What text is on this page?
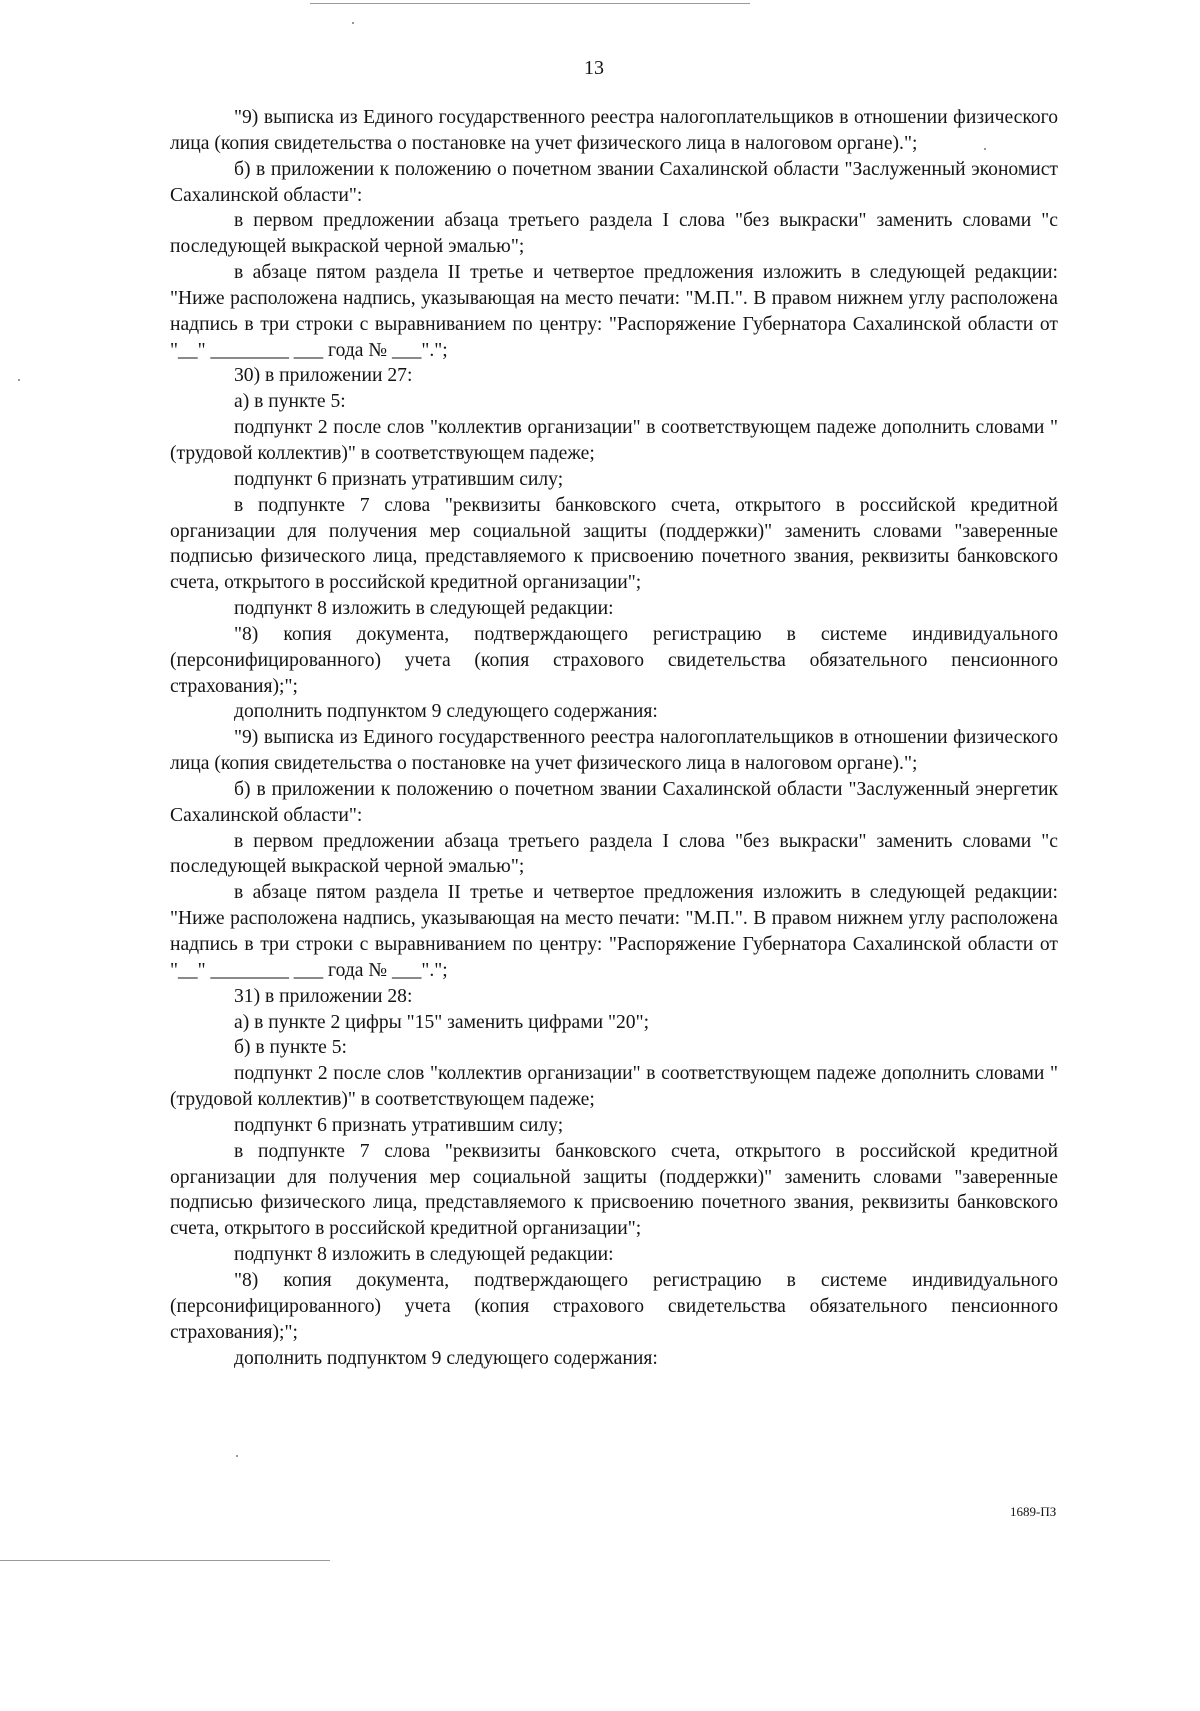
13

"9) выписка из Единого государственного реестра налогоплательщиков в отношении физического лица (копия свидетельства о постановке на учет физического лица в налоговом органе).";

б) в приложении к положению о почетном звании Сахалинской области "Заслуженный экономист Сахалинской области":

в первом предложении абзаца третьего раздела I слова "без выкраски" заменить словами "с последующей выкраской черной эмалью";

в абзаце пятом раздела II третье и четвертое предложения изложить в следующей редакции: "Ниже расположена надпись, указывающая на место печати: "М.П.". В правом нижнем углу расположена надпись в три строки с выравниванием по центру: "Распоряжение Губернатора Сахалинской области от "__" ________ ___ года № ___".";

30) в приложении 27:

а) в пункте 5:

подпункт 2 после слов "коллектив организации" в соответствующем падеже дополнить словами "(трудовой коллектив)" в соответствующем падеже;

подпункт 6 признать утратившим силу;

в подпункте 7 слова "реквизиты банковского счета, открытого в российской кредитной организации для получения мер социальной защиты (поддержки)" заменить словами "заверенные подписью физического лица, представляемого к присвоению почетного звания, реквизиты банковского счета, открытого в российской кредитной организации";

подпункт 8 изложить в следующей редакции:

"8) копия документа, подтверждающего регистрацию в системе индивидуального (персонифицированного) учета (копия страхового свидетельства обязательного пенсионного страхования);";

дополнить подпунктом 9 следующего содержания:

"9) выписка из Единого государственного реестра налогоплательщиков в отношении физического лица (копия свидетельства о постановке на учет физического лица в налоговом органе).";

б) в приложении к положению о почетном звании Сахалинской области "Заслуженный энергетик Сахалинской области":

в первом предложении абзаца третьего раздела I слова "без выкраски" заменить словами "с последующей выкраской черной эмалью";

в абзаце пятом раздела II третье и четвертое предложения изложить в следующей редакции: "Ниже расположена надпись, указывающая на место печати: "М.П.". В правом нижнем углу расположена надпись в три строки с выравниванием по центру: "Распоряжение Губернатора Сахалинской области от "__" ________ ___ года № ___".";

31) в приложении 28:

а) в пункте 2 цифры "15" заменить цифрами "20";

б) в пункте 5:

подпункт 2 после слов "коллектив организации" в соответствующем падеже дополнить словами "(трудовой коллектив)" в соответствующем падеже;

подпункт 6 признать утратившим силу;

в подпункте 7 слова "реквизиты банковского счета, открытого в российской кредитной организации для получения мер социальной защиты (поддержки)" заменить словами "заверенные подписью физического лица, представляемого к присвоению почетного звания, реквизиты банковского счета, открытого в российской кредитной организации";

подпункт 8 изложить в следующей редакции:

"8) копия документа, подтверждающего регистрацию в системе индивидуального (персонифицированного) учета (копия страхового свидетельства обязательного пенсионного страхования);";

дополнить подпунктом 9 следующего содержания:

1689-ПЗ
